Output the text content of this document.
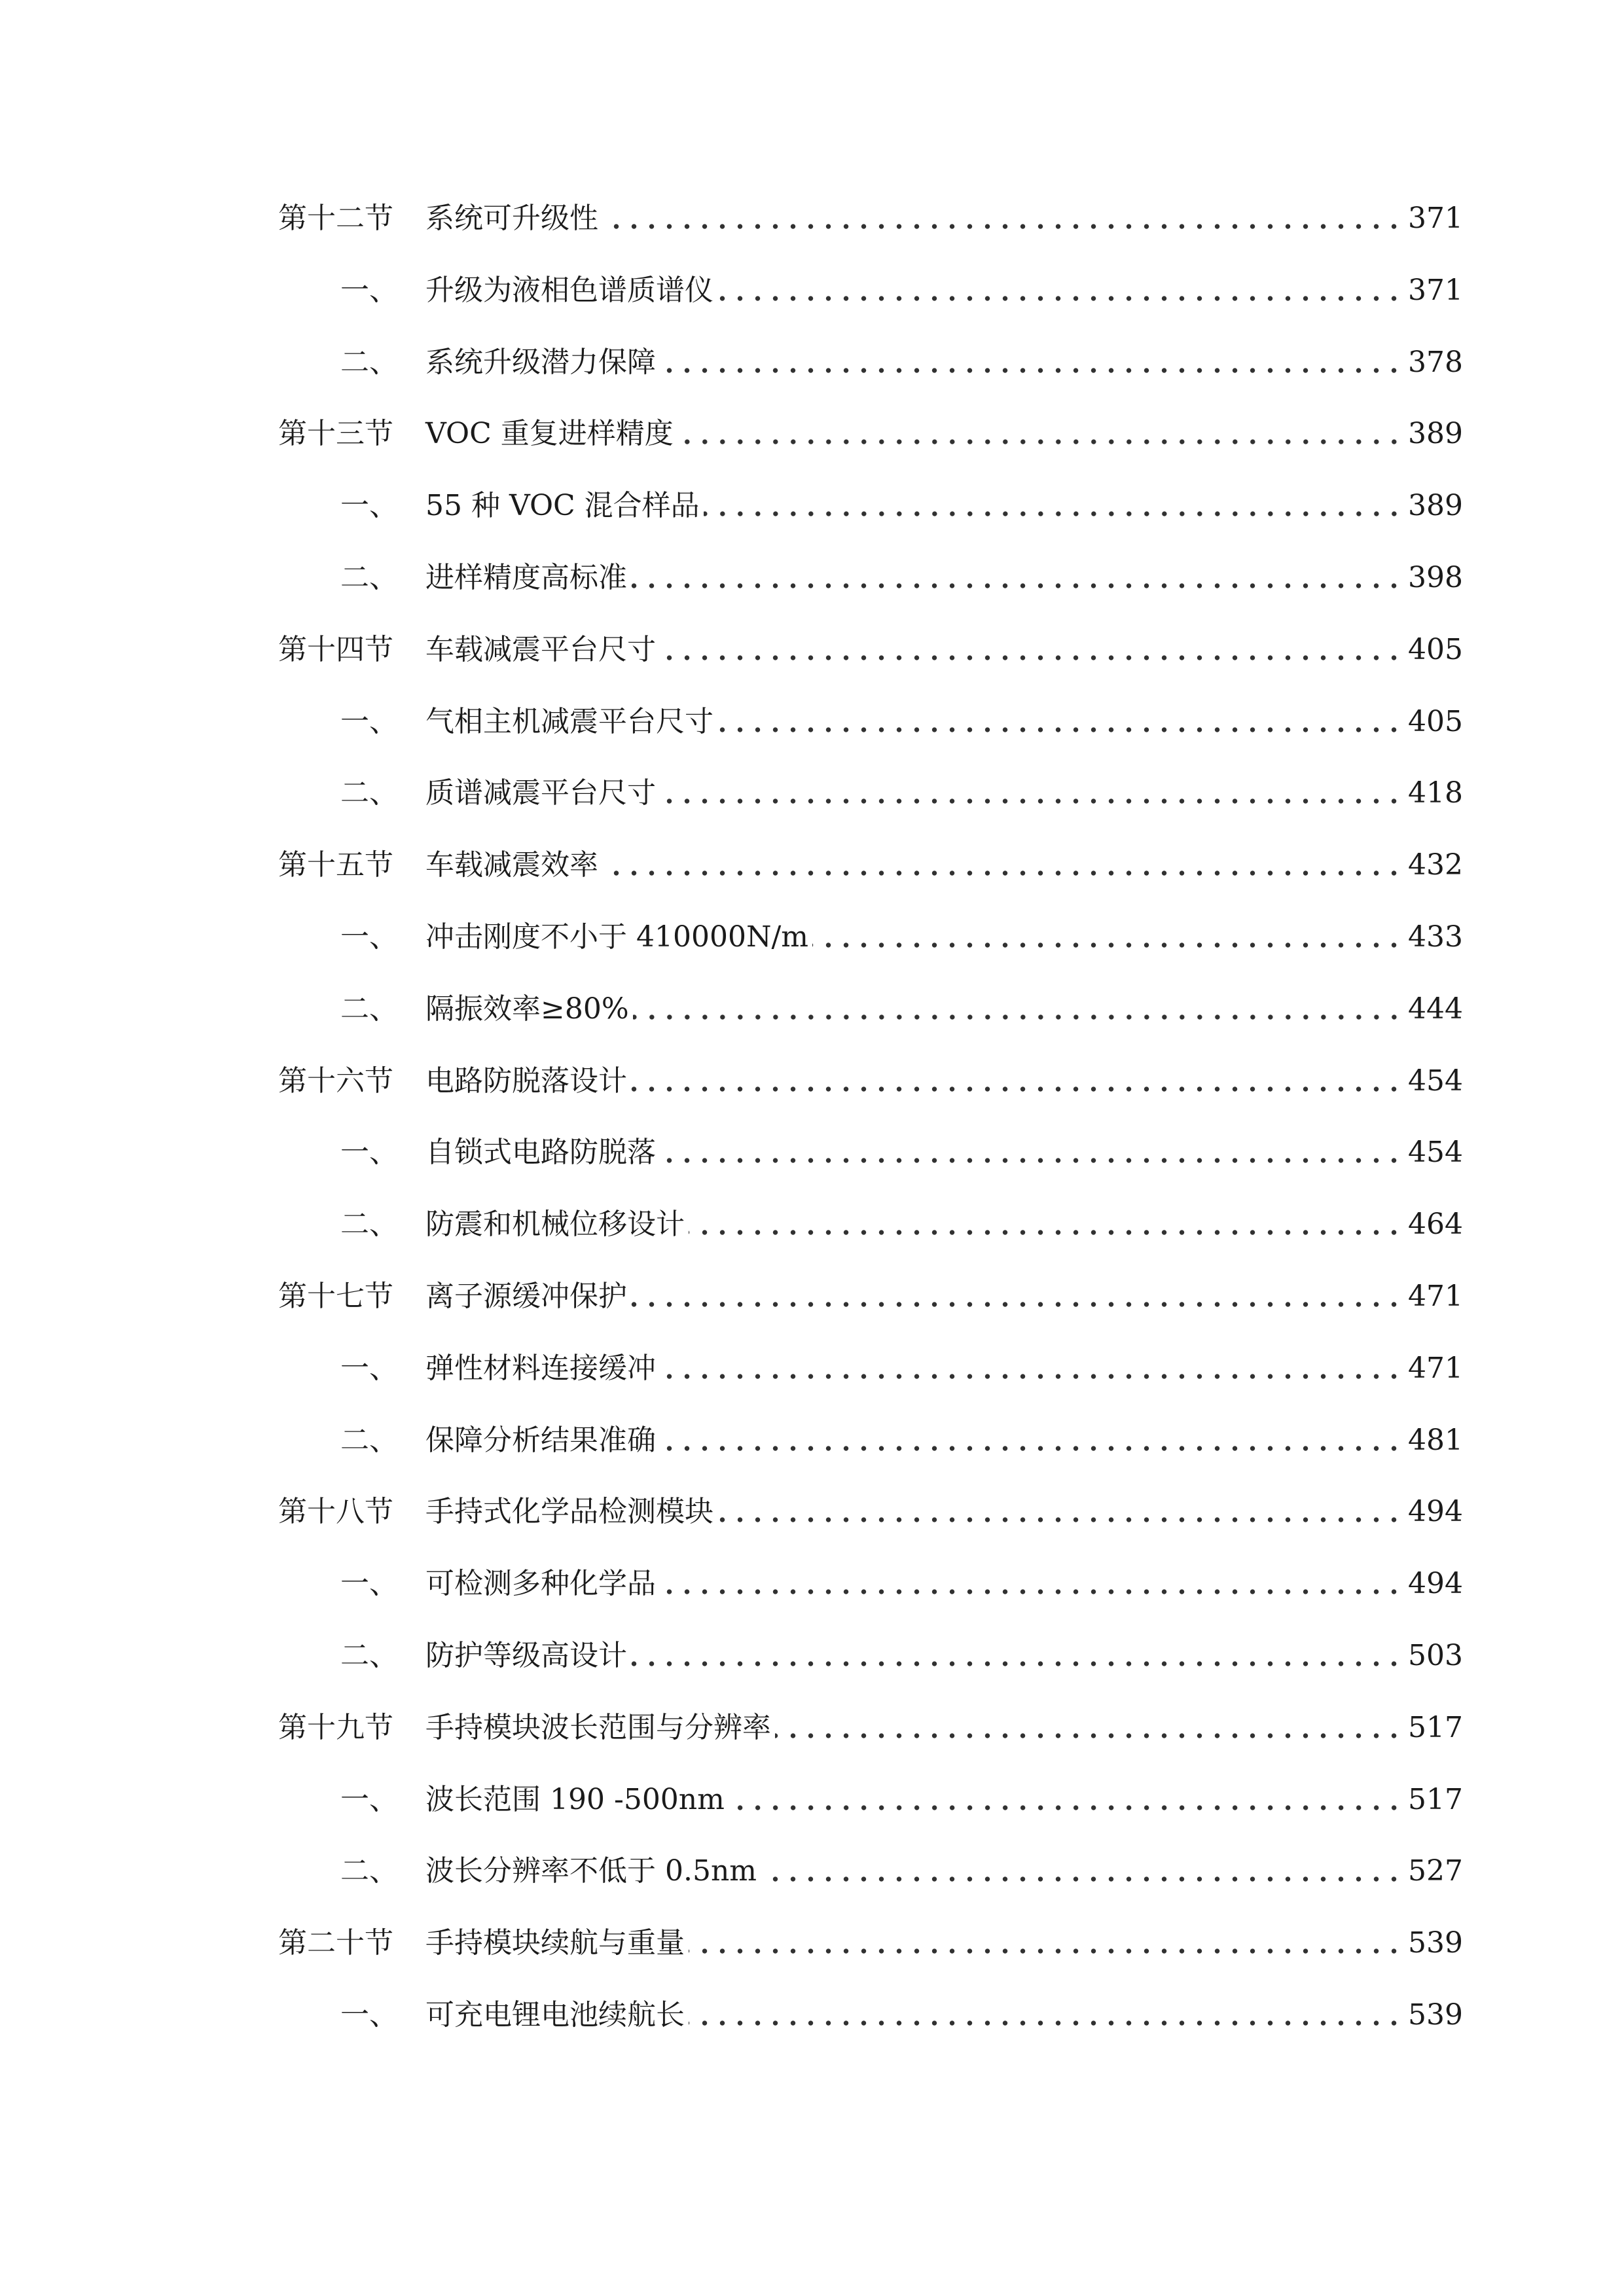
第十二节	系统可升级性	371
一、 升级为液相色谱质谱仪	371
二、 系统升级潜力保障	378
第十三节	VOC 重复进样精度	389
一、 55 种 VOC 混合样品	389
二、 进样精度高标准	398
第十四节	车载减震平台尺寸	405
一、 气相主机减震平台尺寸	405
二、 质谱减震平台尺寸	418
第十五节	车载减震效率	432
一、 冲击刚度不小于 410000N/m	433
二、 隔振效率≥80%	444
第十六节	电路防脱落设计	454
一、 自锁式电路防脱落	454
二、 防震和机械位移设计	464
第十七节	离子源缓冲保护	471
一、 弹性材料连接缓冲	471
二、 保障分析结果准确	481
第十八节	手持式化学品检测模块	494
一、 可检测多种化学品	494
二、 防护等级高设计	503
第十九节	手持模块波长范围与分辨率	517
一、 波长范围 190 -500nm	517
二、 波长分辨率不低于 0.5nm	527
第二十节	手持模块续航与重量	539
一、 可充电锂电池续航长	539
